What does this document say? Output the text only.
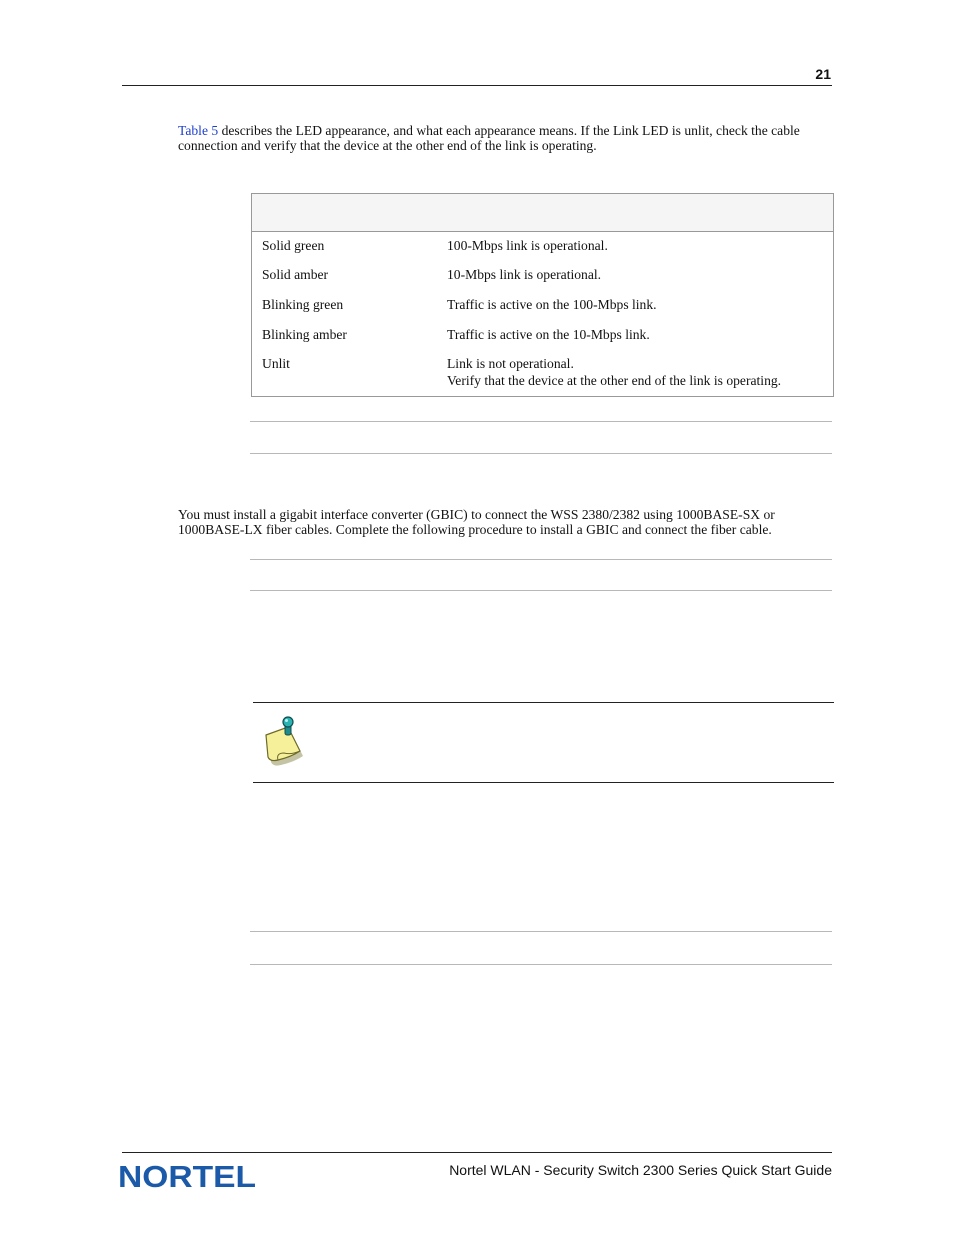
21
Table 5 describes the LED appearance, and what each appearance means. If the Link LED is unlit, check the cable connection and verify that the device at the other end of the link is operating.
Solid green	100-Mbps link is operational.
Solid amber	10-Mbps link is operational.
Blinking green	Traffic is active on the 100-Mbps link.
Blinking amber	Traffic is active on the 10-Mbps link.
Unlit	Link is not operational.
Verify that the device at the other end of the link is operating.
You must install a gigabit interface converter (GBIC) to connect the WSS 2380/2382 using 1000BASE-SX or 1000BASE-LX fiber cables. Complete the following procedure to install a GBIC and connect the fiber cable.
NORTEL	Nortel WLAN - Security Switch 2300 Series Quick Start Guide
